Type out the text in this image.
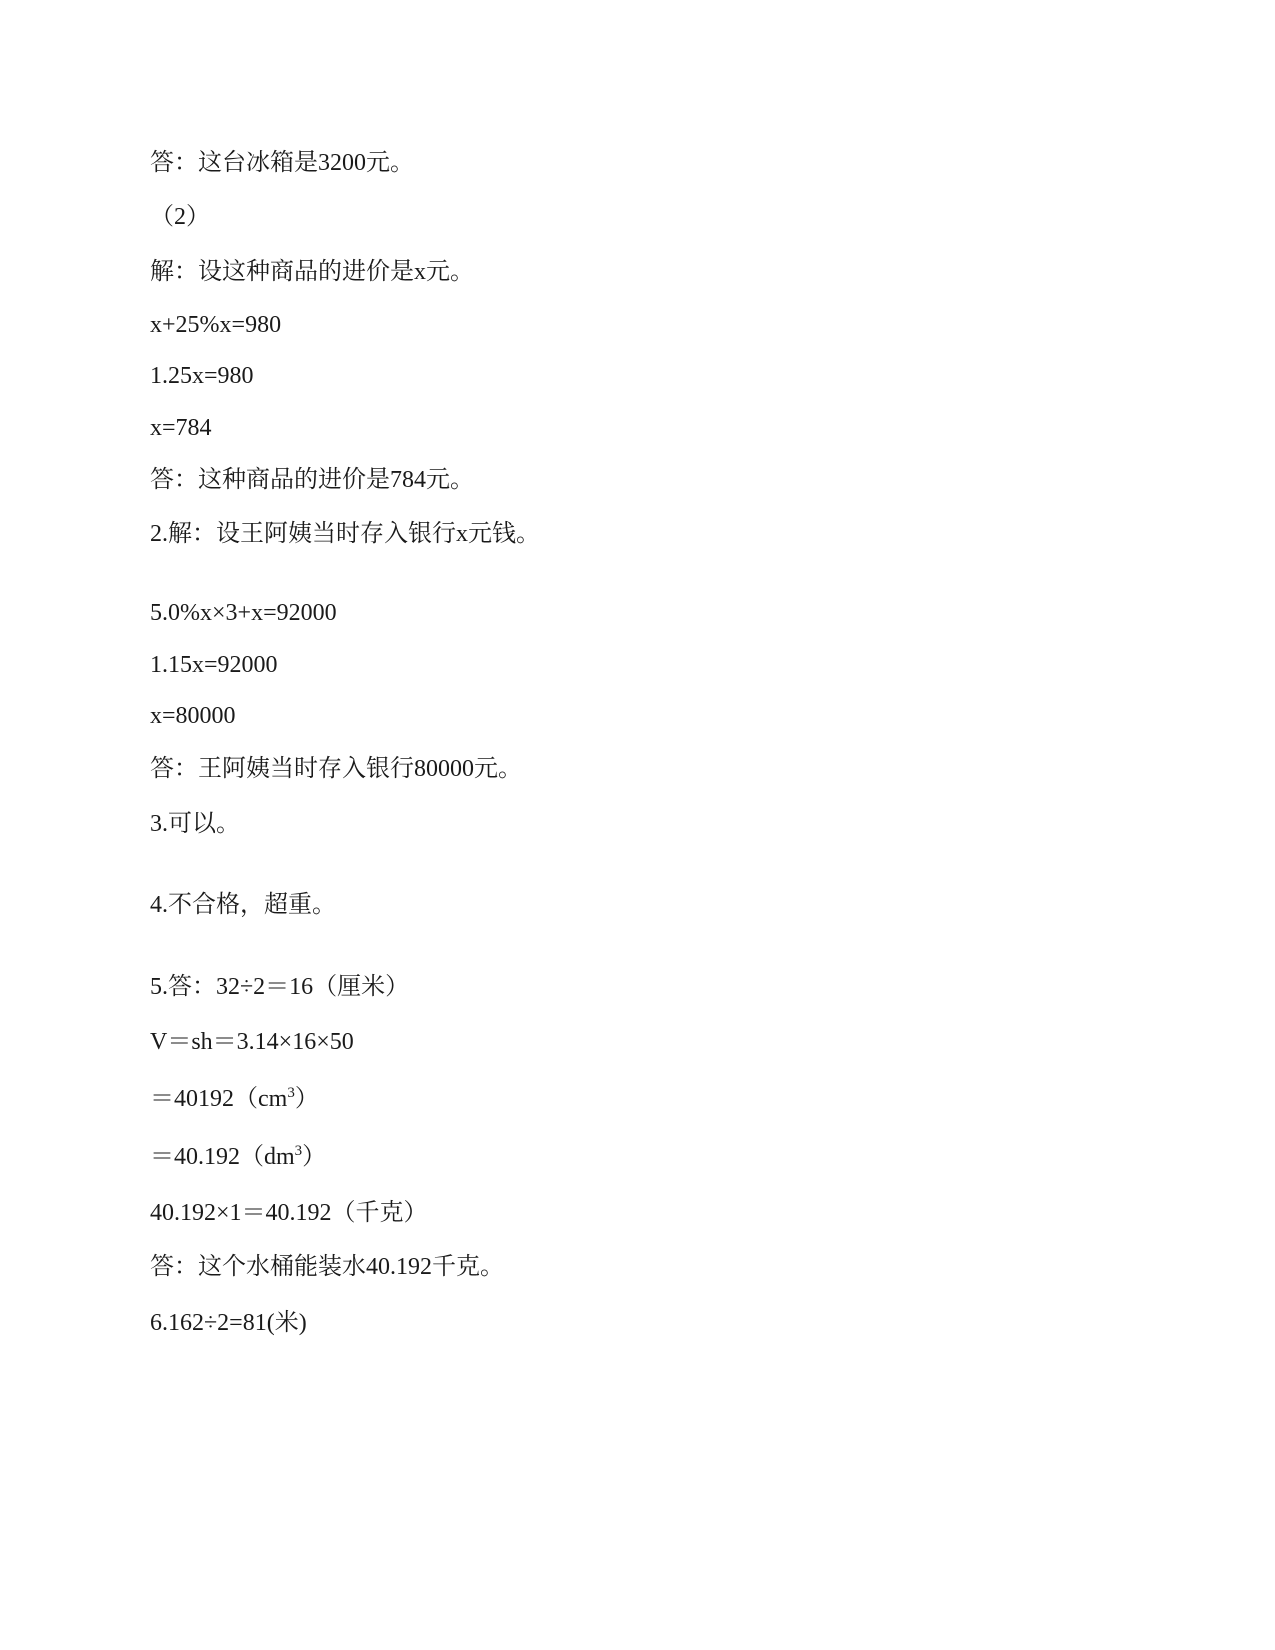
答：这台冰箱是3200元。
（2）
解：设这种商品的进价是x元。
x+25%x=980
1.25x=980
x=784
答：这种商品的进价是784元。
2.解：设王阿姨当时存入银行x元钱。
5.0%x×3+x=92000
1.15x=92000
x=80000
答：王阿姨当时存入银行80000元。
3.可以。
4.不合格，超重。
5.答：32÷2＝16（厘米）
V＝sh＝3.14×16×50
$=40192(cm^3)$
$=40.192(dm^3)$
40.192×1＝40.192（千克）
答：这个水桶能装水40.192千克。
6.162÷2=81(米)
